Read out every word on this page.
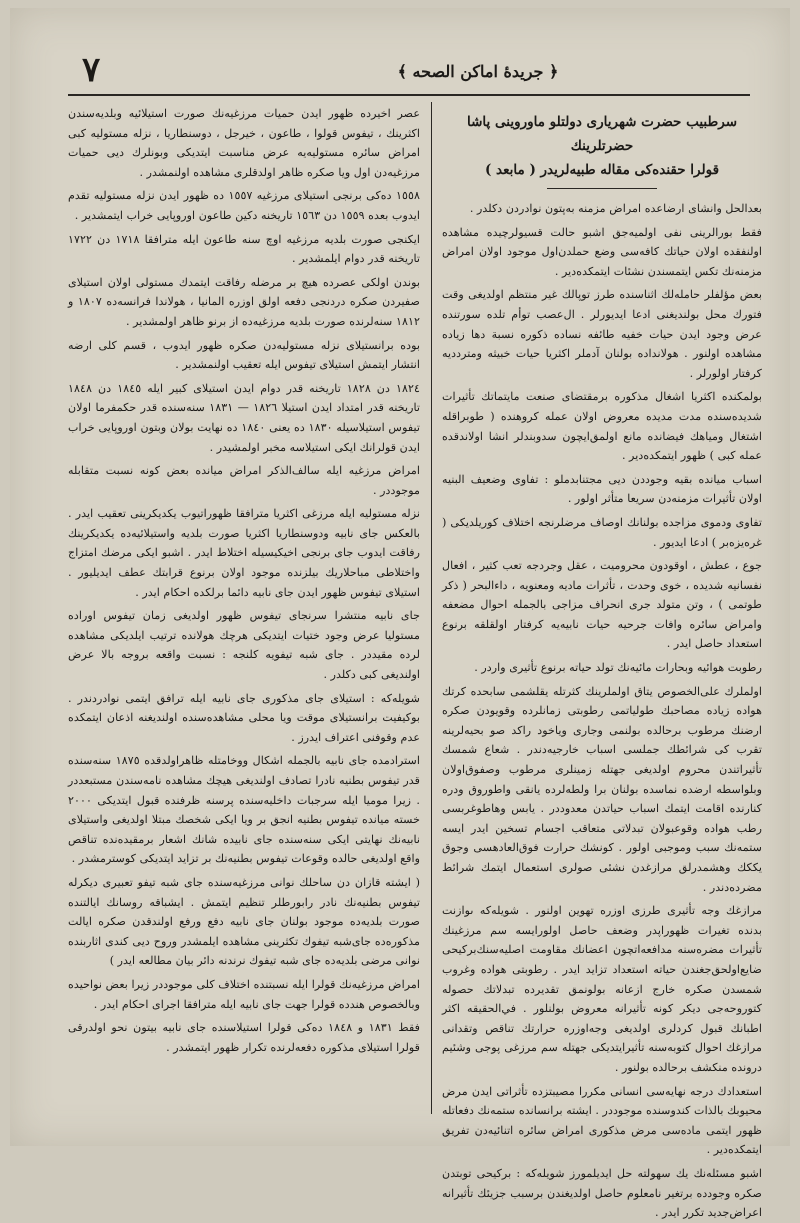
٧	﴿ جريدهٔ اماكن الصحه ﴾
سرطبيب حضرت شهرياری دولتلو ماوروينی پاشا حضرتلرينك
قولرا حقنده‌كی مقاله طبيه‌لريدر ( مابعد )

بعدالحل وانشای ارضاعده امراض مزمنه به‌پتون نوادردن دكلدر .

فقط بورالرينی نفی اولميه‌جق اشبو حالت قسيولرچيده مشاهده اولنفقده اولان حياتك كافه‌سی وضع حملدن‌اول موجود اولان امراض مزمنه‌نك تكس ايتمسندن نشئات ايتمكده‌دير .

بعض مؤلفلر حامله‌لك اثناسنده طرز توپالك غير منتظم اولديغی وقت فتورك محل بولنديغنی ادعا ايديورلر . ال‌عصب توأم تلده سورتنده عرض وجود ايدن حيات خفيه طائفه نساده ذكوره نسبة دها زياده مشاهده اولنور . هولانداده بولنان آدملر اكثريا حيات خبيثه ومتردديه كرفتار اولورلر .

بولمكنده اكثريا اشغال مذكوره برمقتضای صنعت مايتماتك تأثيرات شديده‌سنده مدت مديده معروض اولان عمله كروهنده ( طوبراقله اشتغال ومياهك فيضانده مانع اولمق‌ايچون سدوبندلر انشا اولاندقده عمله كبی ) ظهور ايتمكده‌دير .

اسباب ميانده بقيه وجوددن ديی مجتنابدملو : تفاوی وضعيف البنيه اولان تأثيرات مزمنه‌دن سريعا متأثر اولور .

تفاوی ودموی مزاجده بولنانك اوصاف مرضلرنجه اختلاف كوريلديكی ( غره‌يزه‌بر ) ادعا ايديور .

جوع ، عطش ، اوقودون محروميت ، عقل وجردجه تعب كثير ، افعال نفسانيه شديده ، خوی وحدت ، تأثرات ماديه ومعنويه ، داءالبحر ( ذكر طوتمی ) ، وتن متولد جری انحراف مزاجی بالجمله احوال مضعفه وامراض سائره وافات جرحيه حيات نابيه‌يه كرفتار اولقلقه برنوع استعداد حاصل ايدر .

رطوبت هوائيه وبحارات مائيه‌نك تولد حياته برنوع تأثيری واردر .

اولملرك علی‌الخصوص يتاق اولملرينك كثرتله يقلشمی سابحده كرتك هواده زياده مصاحبك طولياتمی رطوبتی زمانلرده وقويودن صكره ارضنك مرطوب برحالده بولنمی وجاری وياخود راكد صو بحيه‌لرينه تقرب كی شرائطك جملسی اسباب خارجيه‌دندر . شعاع شمسك تأثيراتندن محروم اولديغی جهتله زمينلری مرطوب وصفوق‌اولان وبلواسطه ارضده نماسده بولنان برا ولطه‌لرده يانقی واطوروق ودره كنارنده اقامت ايتمك اسباب حياتدن معدوددر . يابس وهاطوغربسی رطب هواده وقوعبولان تبدلاتی متعاقب اجسام تسخين ايدر ايسه ستمه‌نك سبب وموجبی اولور . كونشك حرارت فوق‌العادهسی وجوق يككك وهشمدرلق مرازغدن نشئی صولری استعمال ايتمك شرائط مضرده‌دندر .

مرازغك وجه تأثيری طرزی اوزره تهوين اولنور . شويله‌كه ىوازنت بدنده تغيرات ظهوراپدر وضعف حاصل اولورايسه سم مرزغينك تأثيرات مضره‌سنه مدافعه‌اتچون اعضانك مقاومت اصليه‌سنك‌بركيحی ضايع‌اولحق‌جغندن حياته استعداد تزايد ايدر . رطوبتی هواده وغروب شمسدن صكره خارج ازعانه بولونمق تقدير‌ده تبدلاتك حصوله كتوروحه‌جی ديكر كونه تأثيرانه معروض بولنلور . في‌الحقيقه اكثر اطبانك قبول كردلری اولديغی وجه‌اوزره حرارتك تناقص وتقدانی مرازغك احوال كتوبه‌سنه تأثيرايتديكی جهتله سم مرزغی پوجی وشئيم درونده منكشف برحالده بولنور .

استعدادك درجه نهايه‌سی انسانی مكررا مصيبتزده‌ تأثراتی ايدن مرض محيوبك بالذات كندوسنده موجوددر . ايشته برانسانده ستمه‌نك دفعاتله ظهور ايتمی ماده‌سی مرض مذكوری امراض سائره اتنائيه‌دن تفريق ايتمكده‌دير .

اشبو مسئله‌نك يك سهولته حل ايديلمورز شويله‌كه : بركيحی توبتدن صكره وجودده برتغير نامعلوم حاصل اولديغندن برسبب جزيئك تأثيرانه اعراض‌جديد تكرر ايدر .

عصر اخيرده ظهور ايدن حميات مرزغيه‌نك صورت استيلائيه وبلديه‌سندن اكثرينك ، تيفوس قولوا ، طاعون ، خيرجل ، دوسنطاريا ، نزله مستوليه كبی امراض سائره مستوليه‌يه عرض مناسبت ايتديكی وبونلرك ديی حميات مرزغيه‌دن اول ويا صكره ظاهر اولدقلری مشاهده اولنمشدر .

١٥٥٨ ده‌كی برنجی استيلای مرزغيه ١٥٥٧ ده ظهور ايدن نزله مستوليه تقدم ايدوب بعده ١٥٥٩ دن ١٥٦٣ تاريخنه دكين طاعون اوروپايی خراب ايتمشدير .

ايكنجی صورت بلديه مرزغيه اوچ سنه طاعون ايله مترافقا ١٧١٨ دن ١٧٢٢ تاريخنه قدر دوام ايلمشدير .

بوندن اولكی عصرده هيچ بر مرضله رفاقت ايتمدك مستولی اولان استيلای صفيردن صكره دردنجی دفعه اولق اوزره المانيا ، هولاندا فرانسه‌ده ١٨٠٧ و ١٨١٢ سنه‌لرنده صورت بلديه مرزغيه‌ده از برنو ظاهر اولمشدير .

بوده برانستيلای نزله مستوليه‌دن صكره ظهور ايدوب ، قسم كلی ارضه انتشار ايتمش استيلای تيفوس ايله تعقيب اولنمشدير .

١٨٢٤ دن ١٨٢٨ تاريخنه قدر دوام ايدن استيلای كبير ايله ١٨٤٥ دن ١٨٤٨ تاريخنه قدر امتداد ايدن استيلا ١٨٢٦ — ١٨٣١ سنه‌سنده قدر حكمفرما اولان تيفوس استيلاسيله ١٨٣٠ ده يعنی ١٨٤٠ ده نهايت بولان وبتون اوروپايی خراب ايدن قولرانك ايكی استيلاسه مخبر اولمشيدر .

امراض مرزغيه ايله سالف‌الذكر امراض ميانده بعض كونه نسبت متقابله موجوددر .

نزله مستوليه ايله مرزغی اكثريا مترافقا ظهوراتيوب يكديكرينی تعقيب ايدر . بالعكس جای نابيه ودوسنطاريا اكثريا صورت بلديه واستيلائيه‌ده يكديكرينك رفاقت ايدوب جای برنجی اخيكيسيله اختلاط ايدر . اشبو ايكی مرضك امتزاج واختلاطی مباحلاريك بيلزنده موجود اولان برنوع قرابتك عطف ايديليور . استيلای تيفوس ظهور ايدن جای نابيه دائما برلكده احكام ايدر .

جای نابيه منتشرا سرنجای تيفوس ظهور اولديغی زمان تيفوس اوراده مستوليا عرض وجود ختيات ايتديكی هرچك هولانده ترتيب ايلديكی مشاهده لرده مقيددر . جای شبه تيفويه كلنجه : نسبت واقعه بروجه بالا عرض اولنديغی كبی دكلدر .

شويله‌كه : استيلای جای مذكوری جای نابيه ايله ترافق ايتمی نوادردندر . بوكيفيت برانستيلای موقت ويا محلی مشاهده‌سنده اولنديغنه اذعان ايتمكده عدم وقوفنی اعتراف ايدرز .

استرادمده جای نابيه بالجمله اشكال ووخامتله ظاهراولدقده ١٨٧٥ سنه‌سنده قدر تيفوس بطنيه نادرا تصادف اولنديغی هيچك مشاهده نامه‌سندن مستبعددر . زيرا موميا ايله سرجبات داخليه‌سنده پرسنه ظرفنده قبول ايتديكی ٢٠٠٠ خسته ميانده تيفوس بطنيه انجق بر ويا ايكی شخصك مبتلا اولديغی واستيلای نابيه‌نك نهايتی ايكی سنه‌سنده جای نابيده شانك اشعار برمقيده‌نده تناقص واقع اولديغی حالده وقوعات تيفوس بطنيه‌نك بر تزايد ايتديكی كوسترمشدر .

( ايشته قازان دن ساحلك نوانی مرزغيه‌سنده جای شبه تيفو تعبيری ديكرله تيفوس بطنيه‌نك نادر رابورطلر تنظيم ايتمش . ايشباقه روسانك ايالتنده صورت بلديه‌ده موجود بولنان جای نابيه دفع ورفع اولندقدن صكره ايالت مذكوره‌ده جای‌شبه تيفوك تكثرينی مشاهده ايلمشدر وروح دیی كندی اثاربنده نوانی مرضی بلديه‌ده جای شبه تيفوك نرندنه دائر بيان مطالعه ايدر )

امراض مرزغيه‌نك قولرا ايله نسبتنده اختلاف كلی موجوددر زيرا بعض نواحيده وبالخصوص هندده قولرا جهت جای نابيه ايله مترافقا اجرای احكام ايدر .

فقط ١٨٣١ و ١٨٤٨ ده‌كی قولرا استيلاسنده جای نابيه بيتون نحو اولدرقی قولرا استيلای مذكوره دفعه‌لرنده تكرار ظهور ايتمشدر .
